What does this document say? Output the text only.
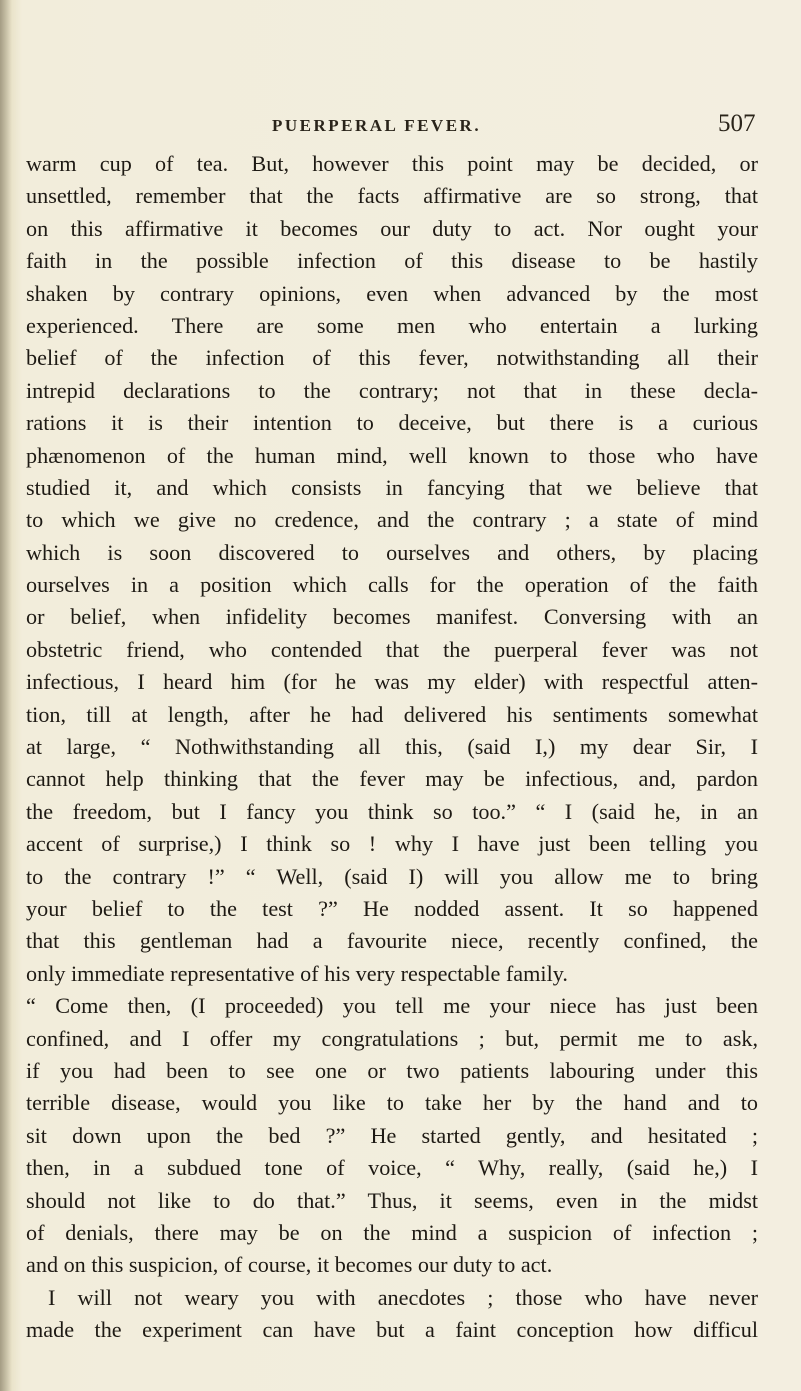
PUERPERAL FEVER.	507
warm cup of tea. But, however this point may be decided, or
unsettled, remember that the facts affirmative are so strong, that
on this affirmative it becomes our duty to act. Nor ought your
faith in the possible infection of this disease to be hastily
shaken by contrary opinions, even when advanced by the most
experienced. There are some men who entertain a lurking
belief of the infection of this fever, notwithstanding all their
intrepid declarations to the contrary; not that in these decla-
rations it is their intention to deceive, but there is a curious
phænomenon of the human mind, well known to those who have
studied it, and which consists in fancying that we believe that
to which we give no credence, and the contrary ; a state of mind
which is soon discovered to ourselves and others, by placing
ourselves in a position which calls for the operation of the faith
or belief, when infidelity becomes manifest. Conversing with an
obstetric friend, who contended that the puerperal fever was not
infectious, I heard him (for he was my elder) with respectful atten-
tion, till at length, after he had delivered his sentiments somewhat
at large, “ Nothwithstanding all this, (said I,) my dear Sir, I
cannot help thinking that the fever may be infectious, and, pardon
the freedom, but I fancy you think so too.” “ I (said he, in an
accent of surprise,) I think so ! why I have just been telling you
to the contrary !” “ Well, (said I) will you allow me to bring
your belief to the test ?” He nodded assent. It so happened
that this gentleman had a favourite niece, recently confined, the
only immediate representative of his very respectable family.
“ Come then, (I proceeded) you tell me your niece has just been
confined, and I offer my congratulations ; but, permit me to ask,
if you had been to see one or two patients labouring under this
terrible disease, would you like to take her by the hand and to
sit down upon the bed ?” He started gently, and hesitated ;
then, in a subdued tone of voice, “ Why, really, (said he,) I
should not like to do that.” Thus, it seems, even in the midst
of denials, there may be on the mind a suspicion of infection ;
and on this suspicion, of course, it becomes our duty to act.
I will not weary you with anecdotes ; those who have never
made the experiment can have but a faint conception how difficul
